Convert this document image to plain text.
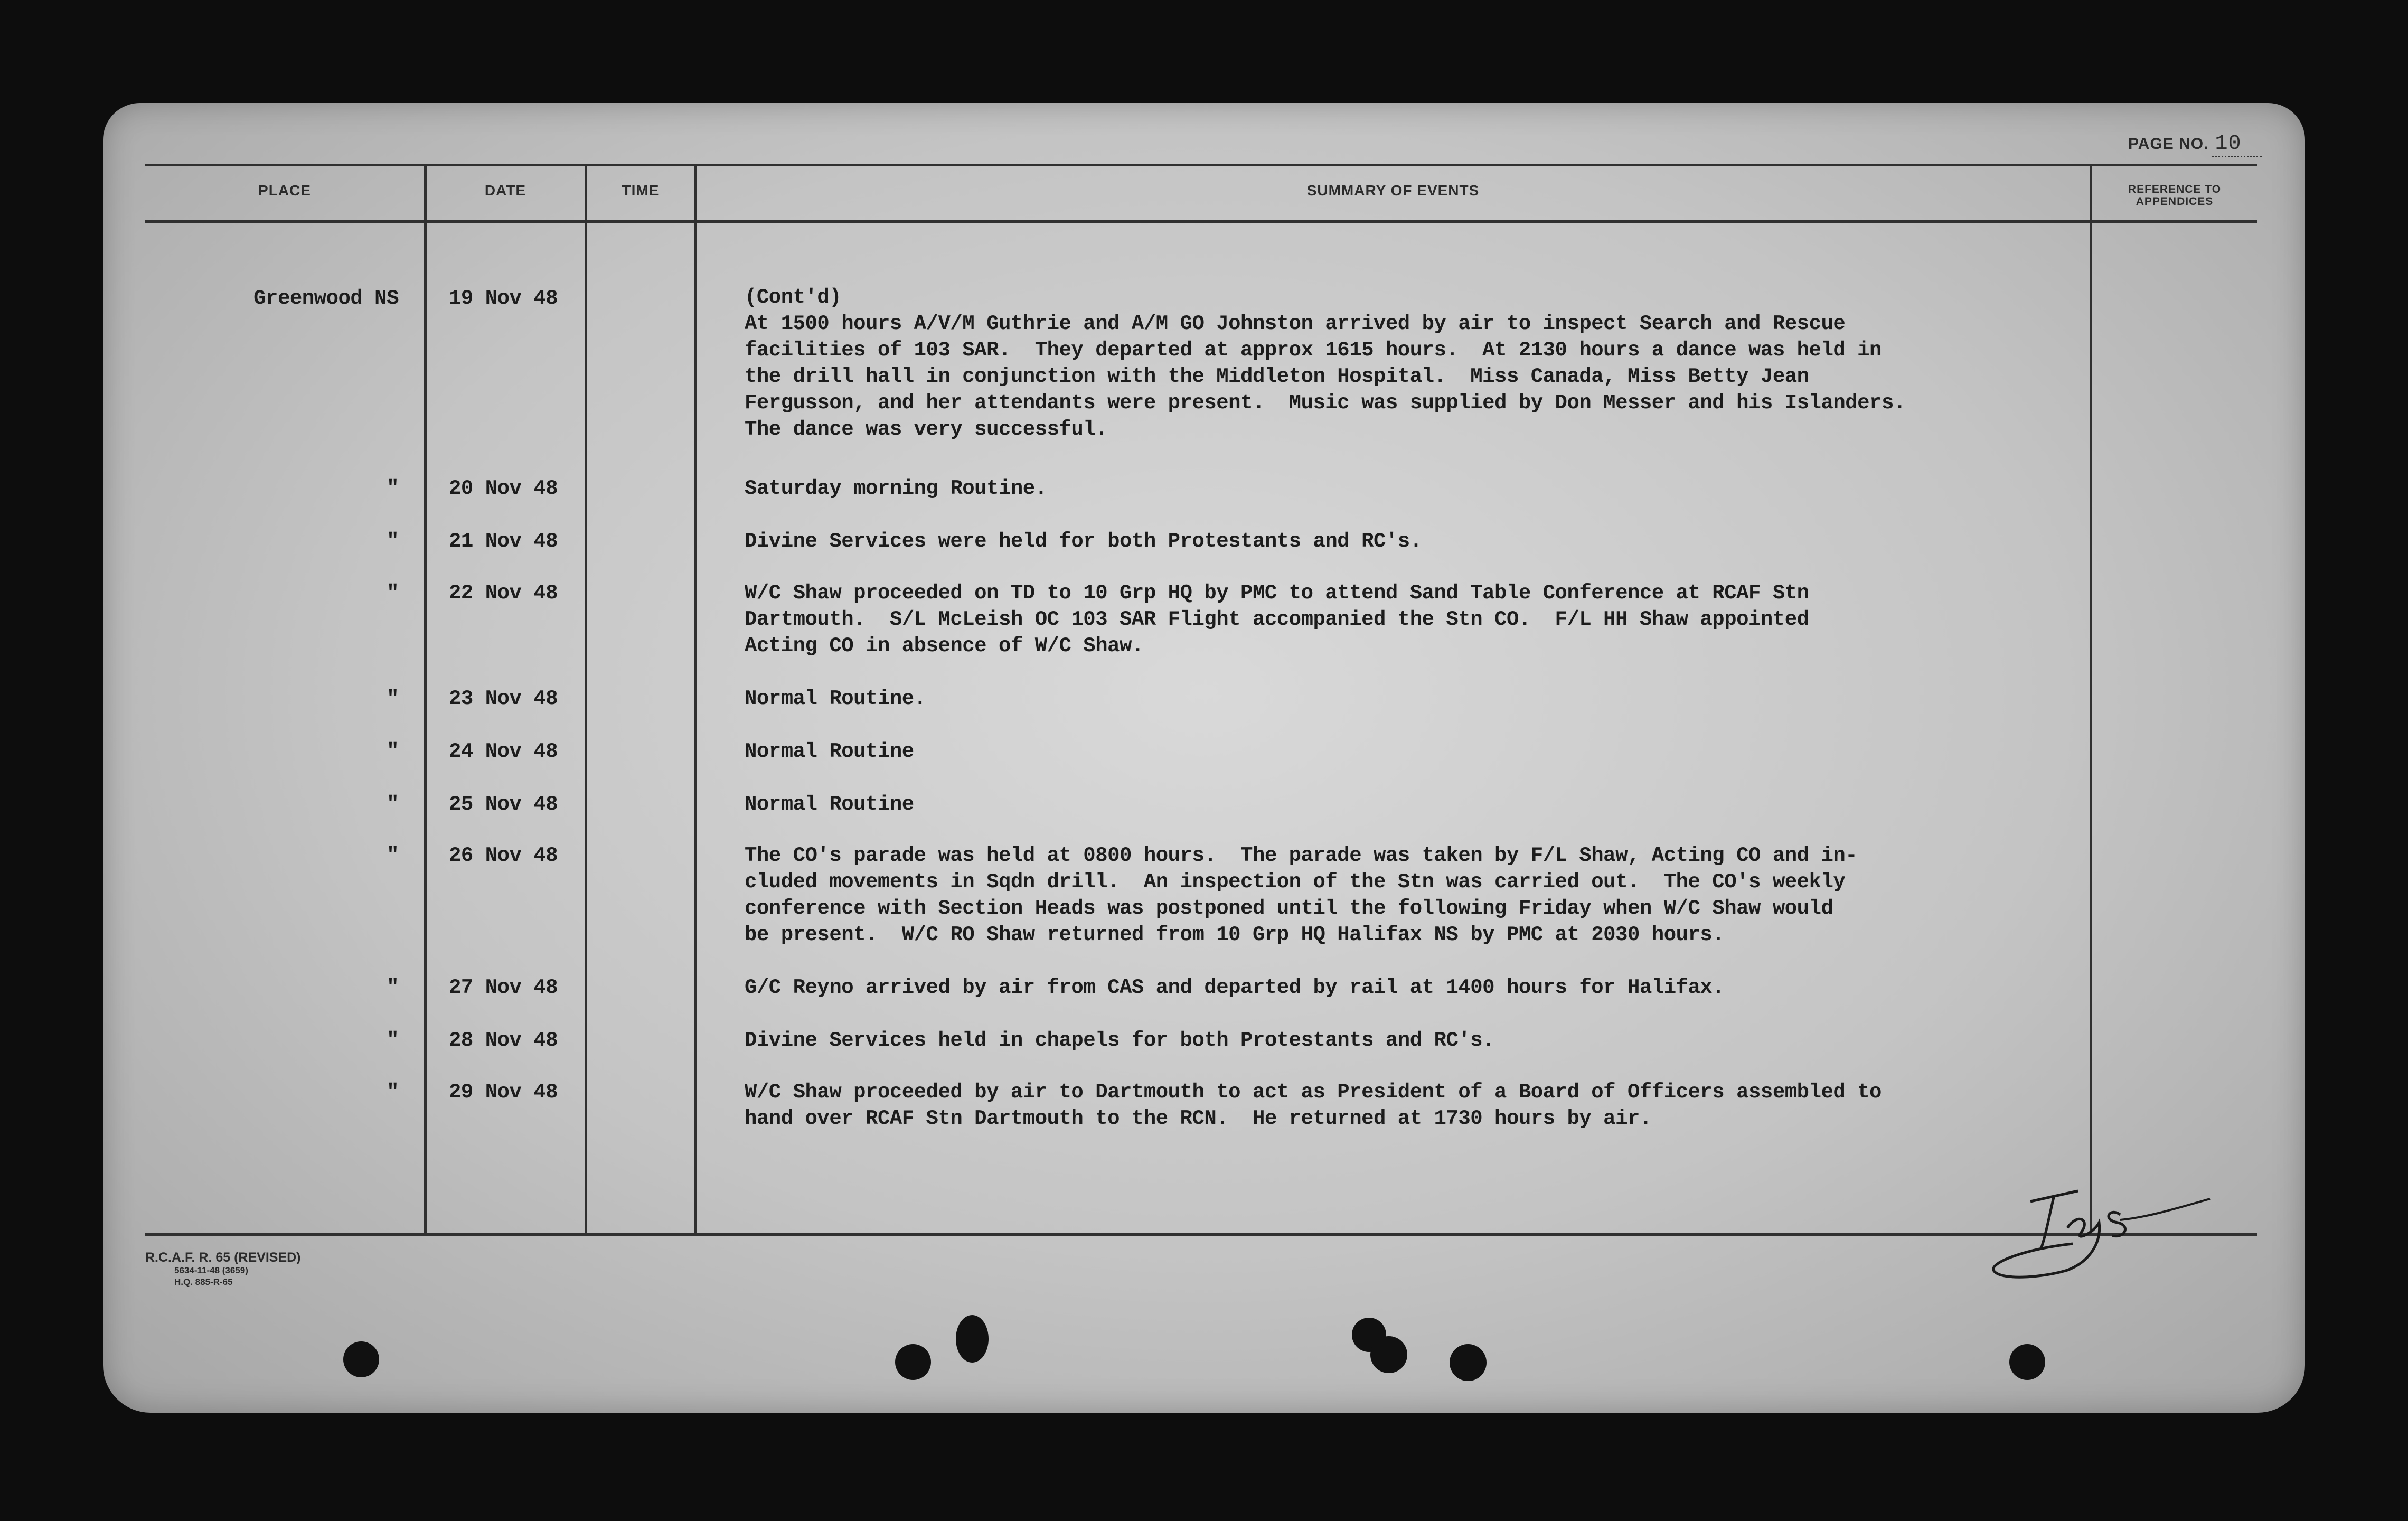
PAGE NO. 10
PLACE	DATE	TIME	SUMMARY OF EVENTS	REFERENCE TO
APPENDICES
Greenwood NS 19 Nov 48	(Cont'd)
At 1500 hours A/V/M Guthrie and A/M GO Johnston arrived by air to inspect Search and Rescue
facilities of 103 SAR.  They departed at approx 1615 hours.  At 2130 hours a dance was held in
the drill hall in conjunction with the Middleton Hospital.  Miss Canada, Miss Betty Jean
Fergusson, and her attendants were present.  Music was supplied by Don Messer and his Islanders.
The dance was very successful.
" 20 Nov 48	Saturday morning Routine.
" 21 Nov 48	Divine Services were held for both Protestants and RC's.
" 22 Nov 48	W/C Shaw proceeded on TD to 10 Grp HQ by PMC to attend Sand Table Conference at RCAF Stn
Dartmouth.  S/L McLeish OC 103 SAR Flight accompanied the Stn CO.  F/L HH Shaw appointed
Acting CO in absence of W/C Shaw.
" 23 Nov 48	Normal Routine.
" 24 Nov 48	Normal Routine
" 25 Nov 48	Normal Routine
" 26 Nov 48	The CO's parade was held at 0800 hours.  The parade was taken by F/L Shaw, Acting CO and in-
cluded movements in Sqdn drill.  An inspection of the Stn was carried out.  The CO's weekly
conference with Section Heads was postponed until the following Friday when W/C Shaw would
be present.  W/C RO Shaw returned from 10 Grp HQ Halifax NS by PMC at 2030 hours.
" 27 Nov 48	G/C Reyno arrived by air from CAS and departed by rail at 1400 hours for Halifax.
" 28 Nov 48	Divine Services held in chapels for both Protestants and RC's.
" 29 Nov 48	W/C Shaw proceeded by air to Dartmouth to act as President of a Board of Officers assembled to
hand over RCAF Stn Dartmouth to the RCN.  He returned at 1730 hours by air.
R.C.A.F. R. 65 (REVISED)
5634-11-48 (3659)
H.Q. 885-R-65
